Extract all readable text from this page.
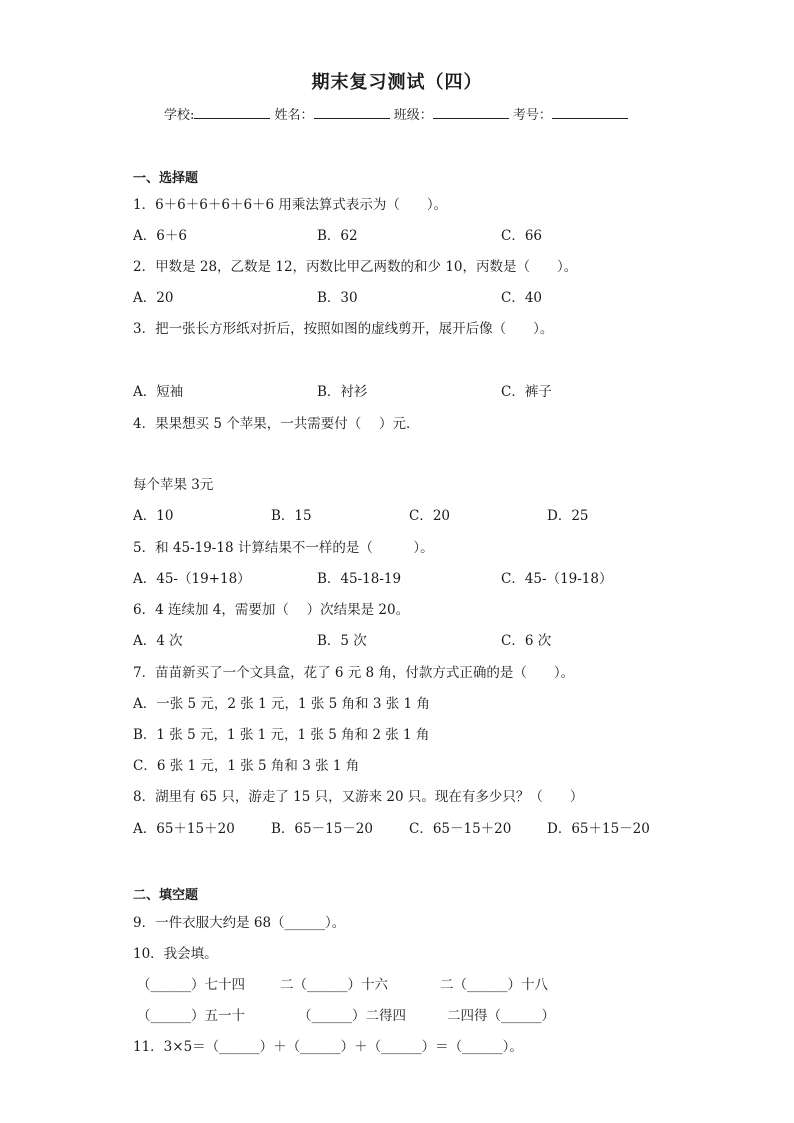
期末复习测试（四）
学校:	姓名：	班级：	考号：
一、选择题
1．6＋6＋6＋6＋6＋6 用乘法算式表示为（　　）。
A．6＋6	B．62	C．66
2．甲数是 28，乙数是 12，丙数比甲乙两数的和少 10，丙数是（　　）。
A．20	B．30	C．40
3．把一张长方形纸对折后，按照如图的虚线剪开，展开后像（　　）。
A．短袖	B．衬衫	C．裤子
4．果果想买 5 个苹果，一共需要付（　 ）元．
每个苹果 3元
A．10	B．15	C．20	D．25
5．和 45-19-18 计算结果不一样的是（　　　）。
A．45-（19+18）	B．45-18-19	C．45-（19-18）
6．4 连续加 4，需要加（　 ）次结果是 20。
A．4 次	B．5 次	C．6 次
7．苗苗新买了一个文具盒，花了 6 元 8 角，付款方式正确的是（　　）。
A．一张 5 元，2 张 1 元，1 张 5 角和 3 张 1 角
B．1 张 5 元，1 张 1 元，1 张 5 角和 2 张 1 角
C．6 张 1 元，1 张 5 角和 3 张 1 角
8．湖里有 65 只，游走了 15 只，又游来 20 只。现在有多少只？（　　）
A．65＋15＋20	B．65－15－20	C．65－15＋20	D．65＋15－20
二、填空题
9．一件衣服大约是 68（______）。
10．我会填。
（______）七十四	二（______）十六	二（______）十八
（______）五一十	（______）二得四	二四得（______）
11．3×5＝（______）＋（______）＋（______）＝（______）。
